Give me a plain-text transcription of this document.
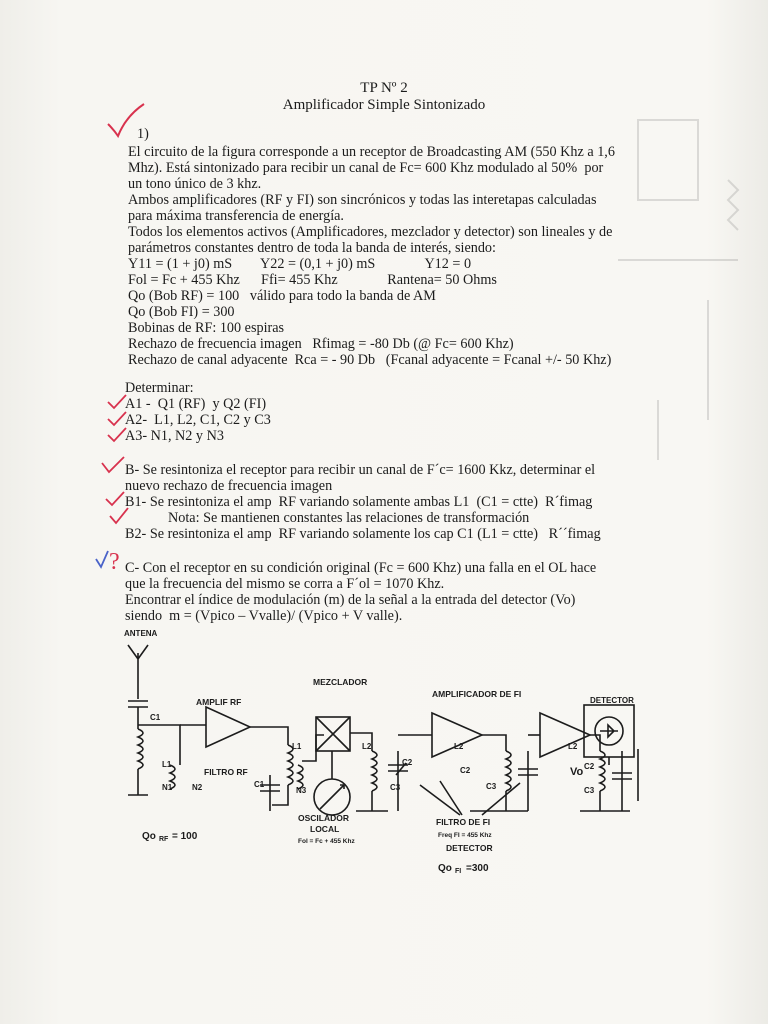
TP Nº 2
Amplificador Simple Sintonizado
1)
El circuito de la figura corresponde a un receptor de Broadcasting AM (550 Khz a 1,6
Mhz). Está sintonizado para recibir un canal de Fc= 600 Khz modulado al 50%  por
un tono único de 3 khz.
Ambos amplificadores (RF y FI) son sincrónicos y todas las interetapas calculadas
para máxima transferencia de energía.
Todos los elementos activos (Amplificadores, mezclador y detector) son lineales y de
parámetros constantes dentro de toda la banda de interés, siendo:
Y11 = (1 + j0) mS        Y22 = (0,1 + j0) mS              Y12 = 0
Fol = Fc + 455 Khz      Ffi= 455 Khz              Rantena= 50 Ohms
Qo (Bob RF) = 100   válido para todo la banda de AM
Qo (Bob FI) = 300
Bobinas de RF: 100 espiras
Rechazo de frecuencia imagen   Rfimag = -80 Db (@ Fc= 600 Khz)
Rechazo de canal adyacente  Rca = - 90 Db   (Fcanal adyacente = Fcanal +/- 50 Khz)
Determinar:
A1 -  Q1 (RF)  y Q2 (FI)
A2-  L1, L2, C1, C2 y C3
A3- N1, N2 y N3
B- Se resintoniza el receptor para recibir un canal de F´c= 1600 Kkz, determinar el
nuevo rechazo de frecuencia imagen
B1- Se resintoniza el amp  RF variando solamente ambas L1  (C1 = ctte)  R´fimag
Nota: Se mantienen constantes las relaciones de transformación
B2- Se resintoniza el amp  RF variando solamente los cap C1 (L1 = ctte)   R´´fimag
C- Con el receptor en su condición original (Fc = 600 Khz) una falla en el OL hace
que la frecuencia del mismo se corra a F´ol = 1070 Khz.
Encontrar el índice de modulación (m) de la señal a la entrada del detector (Vo)
siendo  m = (Vpico – Vvalle)/ (Vpico + V valle).
?
ANTENA
MEZCLADOR
AMPLIF RF
AMPLIFICADOR DE FI
DETECTOR
C1
L1
N1 N2
FILTRO RF
L1
C1
N3
L2
C2
C3
L2
C2
C3
L2
C2
C3
Vo
OSCILADOR
LOCAL
Fol = Fc + 455 Khz
FILTRO DE FI
Freq FI = 455 Khz
DETECTOR
Qo RF = 100
Qo FI =300
